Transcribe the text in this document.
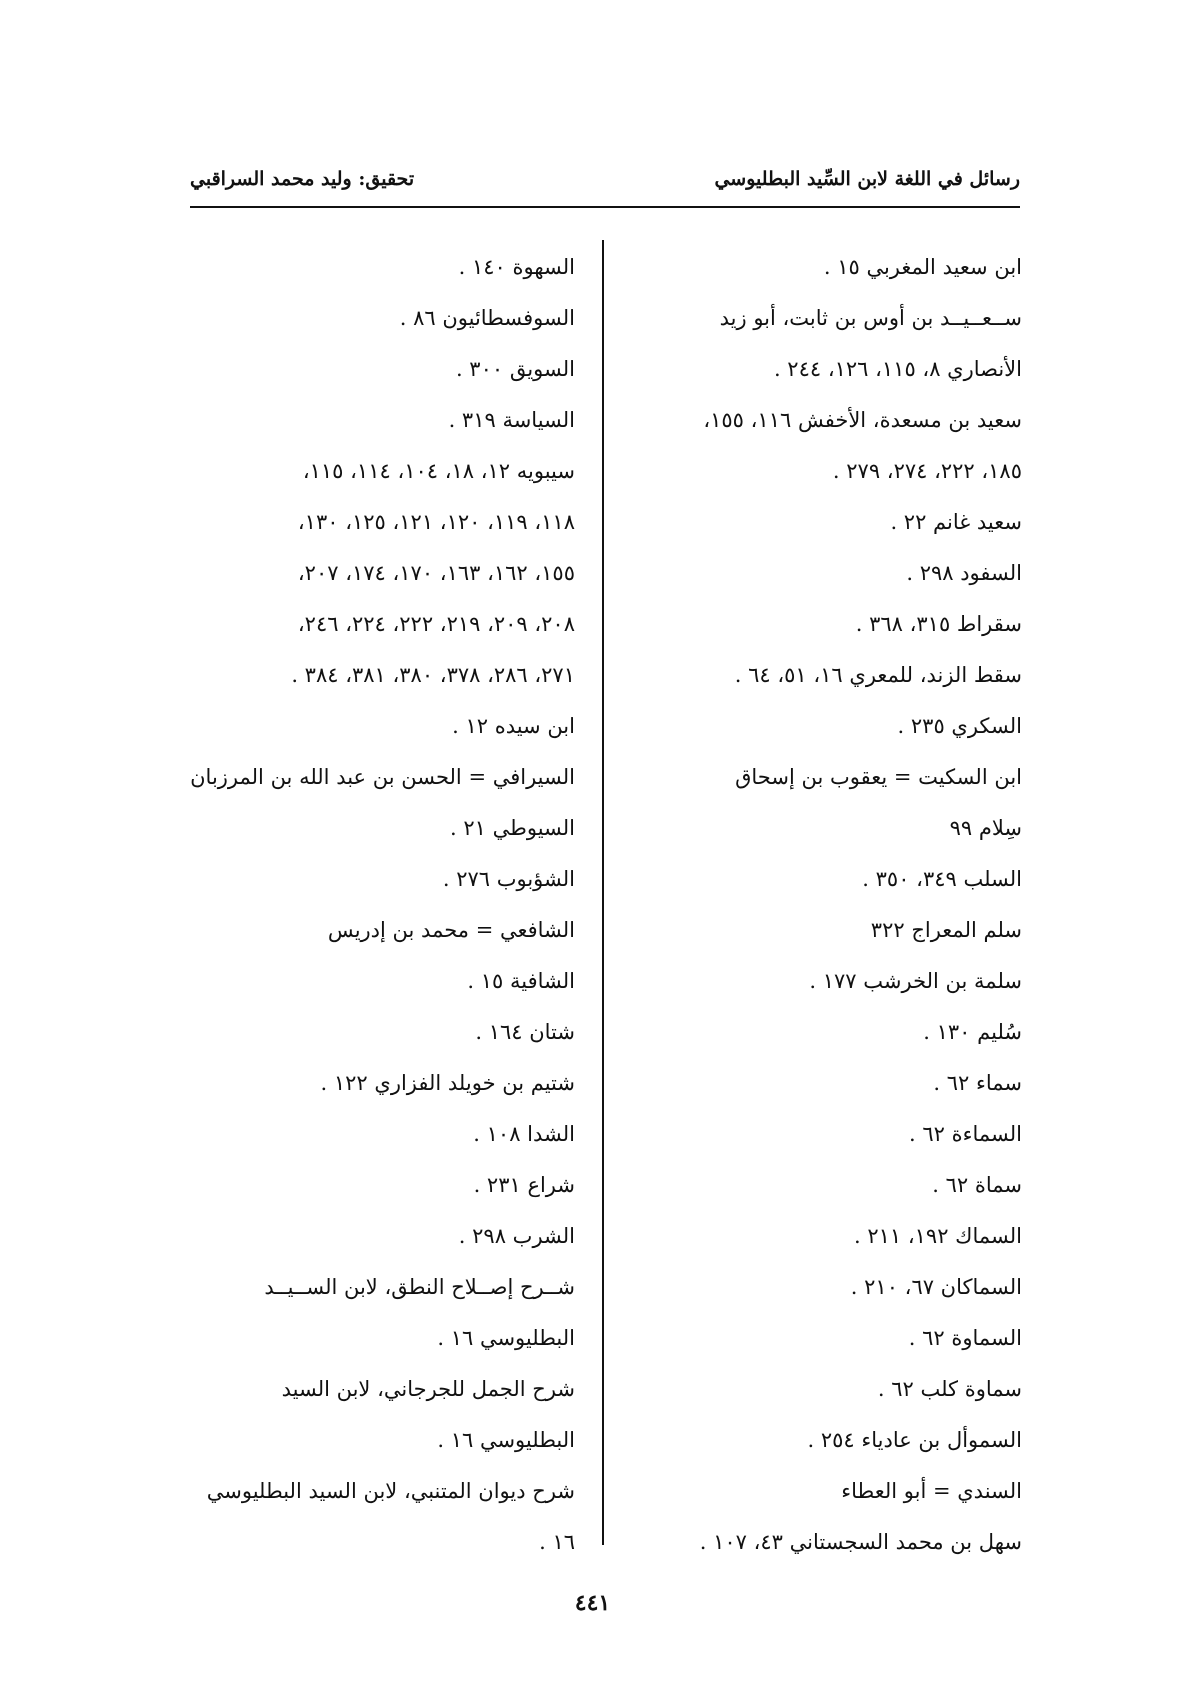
رسائل في اللغة لابن السِّيد البطليوسي
تحقيق: وليد محمد السراقبي
ابن سعيد المغربي ١٥ .
ســعــيــد بن أوس بن ثابت، أبو زيد
الأنصاري ٨، ١١٥، ١٢٦، ٢٤٤ .
سعيد بن مسعدة، الأخفش ١١٦، ١٥٥،
١٨٥، ٢٢٢، ٢٧٤، ٢٧٩ .
سعيد غانم ٢٢ .
السفود ٢٩٨ .
سقراط ٣١٥، ٣٦٨ .
سقط الزند، للمعري ١٦، ٥١، ٦٤ .
السكري ٢٣٥ .
ابن السكيت = يعقوب بن إسحاق
سِلام ٩٩
السلب ٣٤٩، ٣٥٠ .
سلم المعراج ٣٢٢
سلمة بن الخرشب ١٧٧ .
سُليم ١٣٠ .
سماء ٦٢ .
السماءة ٦٢ .
سماة ٦٢ .
السماك ١٩٢، ٢١١ .
السماكان ٦٧، ٢١٠ .
السماوة ٦٢ .
سماوة كلب ٦٢ .
السموأل بن عادياء ٢٥٤ .
السندي = أبو العطاء
سهل بن محمد السجستاني ٤٣، ١٠٧ .
السهوة ١٤٠ .
السوفسطائيون ٨٦ .
السويق ٣٠٠ .
السياسة ٣١٩ .
سيبويه ١٢، ١٨، ١٠٤، ١١٤، ١١٥،
١١٨، ١١٩، ١٢٠، ١٢١، ١٢٥، ١٣٠،
١٥٥، ١٦٢، ١٦٣، ١٧٠، ١٧٤، ٢٠٧،
٢٠٨، ٢٠٩، ٢١٩، ٢٢٢، ٢٢٤، ٢٤٦،
٢٧١، ٢٨٦، ٣٧٨، ٣٨٠، ٣٨١، ٣٨٤ .
ابن سيده ١٢ .
السيرافي = الحسن بن عبد الله بن المرزبان
السيوطي ٢١ .
الشؤبوب ٢٧٦ .
الشافعي = محمد بن إدريس
الشافية ١٥ .
شتان ١٦٤ .
شتيم بن خويلد الفزاري ١٢٢ .
الشدا ١٠٨ .
شراع ٢٣١ .
الشرب ٢٩٨ .
شــرح إصــلاح النطق، لابن الســيــد
البطليوسي ١٦ .
شرح الجمل للجرجاني، لابن السيد
البطليوسي ١٦ .
شرح ديوان المتنبي، لابن السيد البطليوسي
١٦ .
٤٤١
